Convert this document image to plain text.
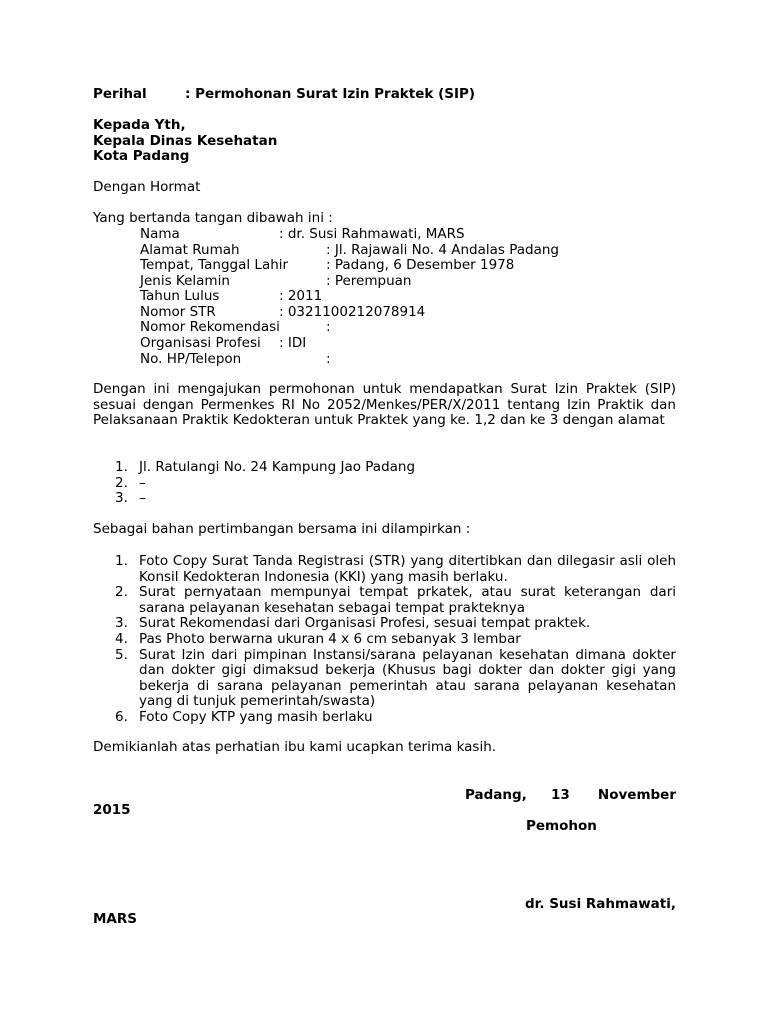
Perihal	: Permohonan Surat Izin Praktek (SIP)
Kepada Yth,
Kepala Dinas Kesehatan
Kota Padang
Dengan Hormat
Yang bertanda tangan dibawah ini :
Nama	: dr. Susi Rahmawati, MARS
Alamat Rumah	: Jl. Rajawali No. 4 Andalas Padang
Tempat, Tanggal Lahir	: Padang, 6 Desember 1978
Jenis Kelamin	: Perempuan
Tahun Lulus	: 2011
Nomor STR	: 0321100212078914
Nomor Rekomendasi	:
Organisasi Profesi : IDI
No. HP/Telepon	:
Dengan ini mengajukan permohonan untuk mendapatkan Surat Izin Praktek (SIP) sesuai dengan Permenkes RI No 2052/Menkes/PER/X/2011 tentang Izin Praktik dan Pelaksanaan Praktik Kedokteran untuk Praktek yang ke. 1,2 dan ke 3 dengan alamat
1. Jl. Ratulangi No. 24 Kampung Jao Padang
2. –
3. –
Sebagai bahan pertimbangan bersama ini dilampirkan :
1. Foto Copy Surat Tanda Registrasi (STR) yang ditertibkan dan dilegasir asli oleh Konsil Kedokteran Indonesia (KKI) yang masih berlaku.
2. Surat pernyataan mempunyai tempat prkatek, atau surat keterangan dari sarana pelayanan kesehatan sebagai tempat prakteknya
3. Surat Rekomendasi dari Organisasi Profesi, sesuai tempat praktek.
4. Pas Photo berwarna ukuran 4 x 6 cm sebanyak 3 lembar
5. Surat Izin dari pimpinan Instansi/sarana pelayanan kesehatan dimana dokter dan dokter gigi dimaksud bekerja (Khusus bagi dokter dan dokter gigi yang bekerja di sarana pelayanan pemerintah atau sarana pelayanan kesehatan yang di tunjuk pemerintah/swasta)
6. Foto Copy KTP yang masih berlaku
Demikianlah atas perhatian ibu kami ucapkan terima kasih.
Padang, 13 November
2015
Pemohon
dr. Susi Rahmawati,
MARS
